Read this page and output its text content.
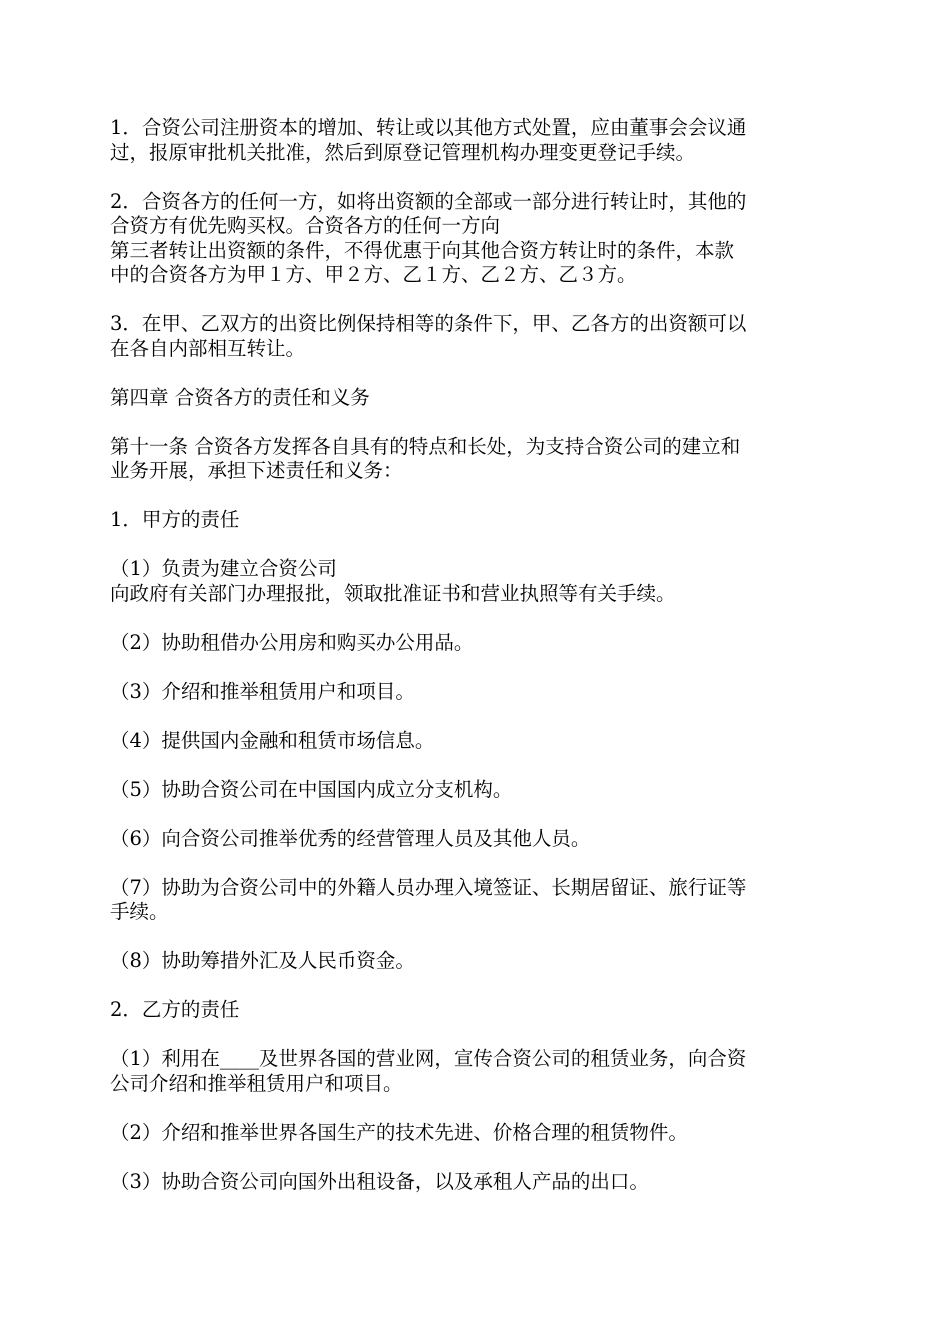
1．合资公司注册资本的增加、转让或以其他方式处置，应由董事会会议通
过，报原审批机关批准，然后到原登记管理机构办理变更登记手续。
2．合资各方的任何一方，如将出资额的全部或一部分进行转让时，其他的
合资方有优先购买权。合资各方的任何一方向
第三者转让出资额的条件，不得优惠于向其他合资方转让时的条件，本款
中的合资各方为甲１方、甲２方、乙１方、乙２方、乙３方。
3．在甲、乙双方的出资比例保持相等的条件下，甲、乙各方的出资额可以
在各自内部相互转让。
第四章 合资各方的责任和义务
第十一条 合资各方发挥各自具有的特点和长处，为支持合资公司的建立和
业务开展，承担下述责任和义务：
1．甲方的责任
（1）负责为建立合资公司
向政府有关部门办理报批，领取批准证书和营业执照等有关手续。
（2）协助租借办公用房和购买办公用品。
（3）介绍和推举租赁用户和项目。
（4）提供国内金融和租赁市场信息。
（5）协助合资公司在中国国内成立分支机构。
（6）向合资公司推举优秀的经营管理人员及其他人员。
（7）协助为合资公司中的外籍人员办理入境签证、长期居留证、旅行证等
手续。
（8）协助筹措外汇及人民币资金。
2．乙方的责任
（1）利用在____及世界各国的营业网，宣传合资公司的租赁业务，向合资
公司介绍和推举租赁用户和项目。
（2）介绍和推举世界各国生产的技术先进、价格合理的租赁物件。
（3）协助合资公司向国外出租设备，以及承租人产品的出口。
